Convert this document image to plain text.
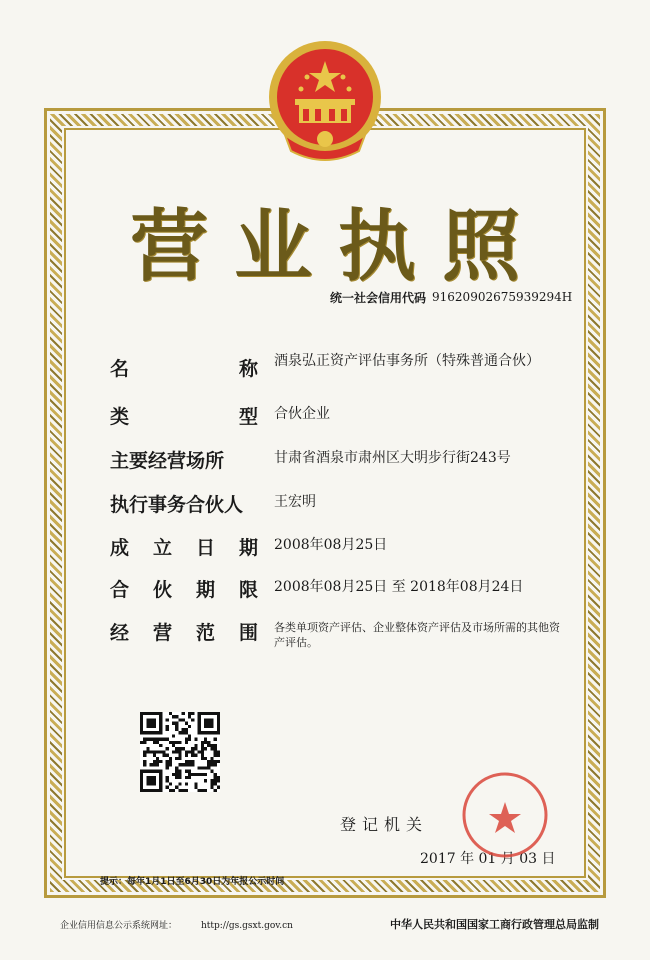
营 业 执 照
统一社会信用代码 91620902675939294H
名	称 酒泉弘正资产评估事务所（特殊普通合伙）
类	型 合伙企业
主要经营场所	甘肃省酒泉市肃州区大明步行街243号
执行事务合伙人	王宏明
成 立 日 期 2008年08月25日
合 伙 期 限 2008年08月25日 至 2018年08月24日
经 营 范 围 各类单项资产评估、企业整体资产评估及市场所需的其他资产评估。
登记机关
2017 年 01 月 03 日
提示：每年1月1日至6月30日为年报公示时间
企业信用信息公示系统网址：	http://gs.gsxt.gov.cn	中华人民共和国国家工商行政管理总局监制
